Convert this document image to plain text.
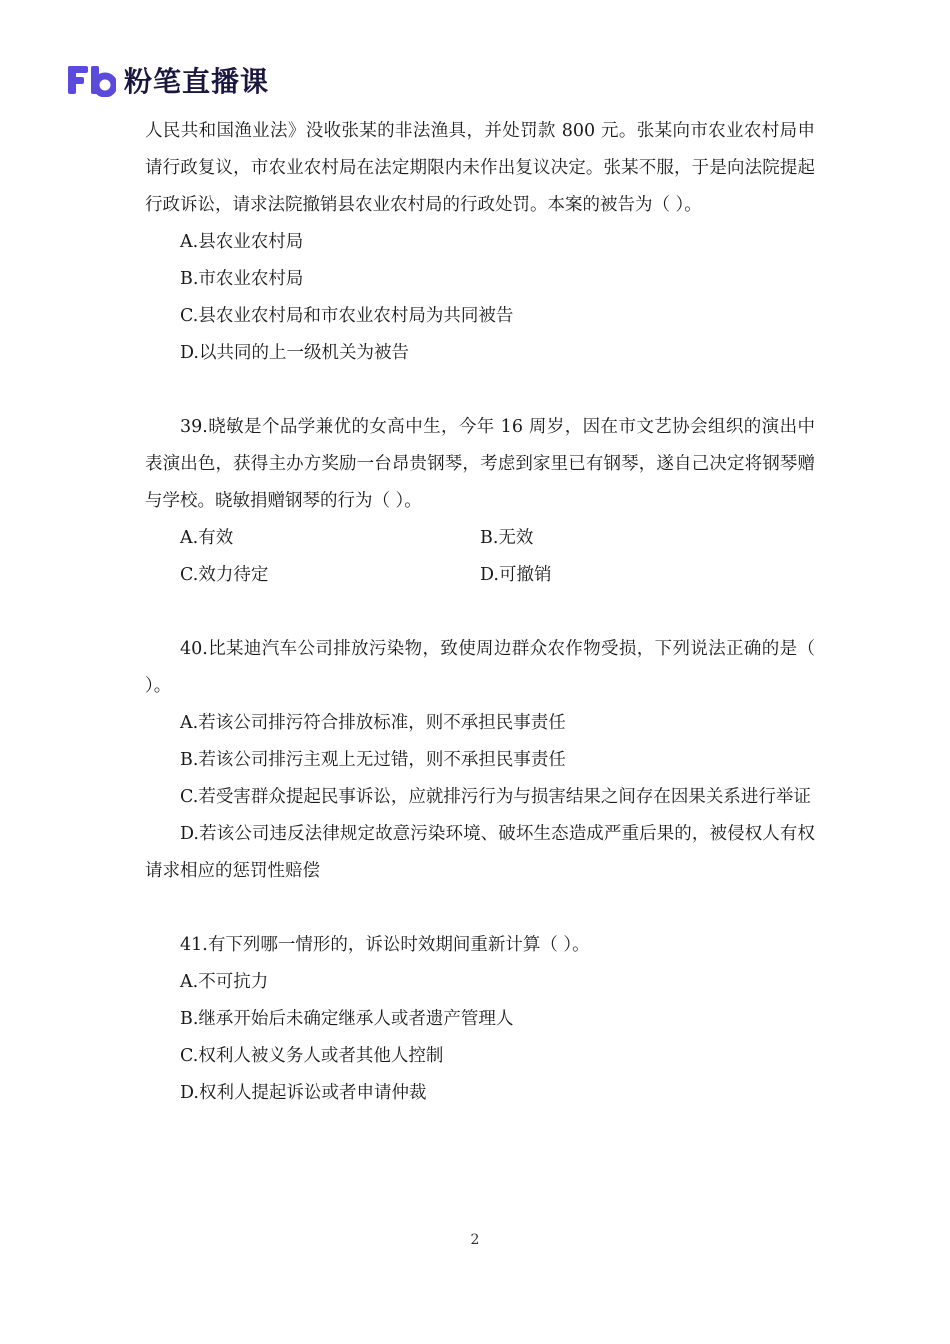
粉笔直播课

人民共和国渔业法》没收张某的非法渔具，并处罚款 800 元。张某向市农业农村局申请行政复议，市农业农村局在法定期限内未作出复议决定。张某不服，于是向法院提起行政诉讼，请求法院撤销县农业农村局的行政处罚。本案的被告为（ ）。

A.县农业农村局

B.市农业农村局

C.县农业农村局和市农业农村局为共同被告

D.以共同的上一级机关为被告

39.晓敏是个品学兼优的女高中生，今年 16 周岁，因在市文艺协会组织的演出中表演出色，获得主办方奖励一台昂贵钢琴，考虑到家里已有钢琴，遂自己决定将钢琴赠与学校。晓敏捐赠钢琴的行为（ ）。

A.有效	B.无效
C.效力待定	D.可撤销

40.比某迪汽车公司排放污染物，致使周边群众农作物受损，下列说法正确的是（ ）。

A.若该公司排污符合排放标准，则不承担民事责任

B.若该公司排污主观上无过错，则不承担民事责任

C.若受害群众提起民事诉讼，应就排污行为与损害结果之间存在因果关系进行举证

D.若该公司违反法律规定故意污染环境、破坏生态造成严重后果的，被侵权人有权请求相应的惩罚性赔偿

41.有下列哪一情形的，诉讼时效期间重新计算（ ）。

A.不可抗力

B.继承开始后未确定继承人或者遗产管理人

C.权利人被义务人或者其他人控制

D.权利人提起诉讼或者申请仲裁

2
